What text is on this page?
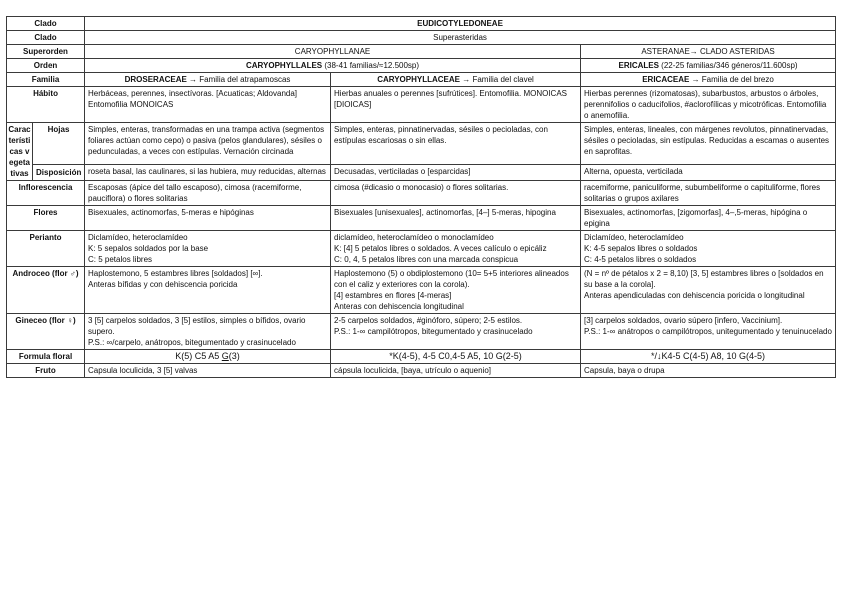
Clado		EUDICOTYLEDONEAE		
Clado		Superasteridas		
Superorden		CARYOPHYLLANAE		ASTERANAE→ CLADO ASTERIDAS
Orden		CARYOPHYLLALES (38-41 familias/≈12.500sp)		ERICALES (22-25 familias/346 géneros/11.600sp)
Familia		DROSERACEAE → Familia del atrapamoscas	CARYOPHYLLACEAE → Familia del clavel	ERICACEAE → Familia de del brezo
Hábito		Herbáceas, perennes, insectívoras. [Acuaticas; Aldovanda] Entomofilia MONOICAS	Hierbas anuales o perennes [sufrútices]. Entomofilia. MONOICAS [DIOICAS]	Hierbas perennes (rizomatosas), subarbustos, arbustos o árboles, perennifolios o caducifolios, #aclorofílicas y micotróficas. Entomofilia o anemofilia.
Características vegetativas	Hojas	Simples, enteras, transformadas en una trampa activa (segmentos foliares actúan como cepo) o pasiva (pelos glandulares), sésiles o pedunculadas, a veces con estípulas. Vernación circinada	Simples, enteras, pinnatinervadas, sésiles o pecioladas, con estípulas escariosas o sin ellas.	Simples, enteras, lineales, con márgenes revolutos, pinnatinervadas, sésiles o pecioladas, sin estípulas. Reducidas a escamas o ausentes en saprofitas.
	Disposición	roseta basal, las caulinares, si las hubiera, muy reducidas, alternas	Decusadas, verticiladas o [esparcidas]	Alterna, opuesta, verticilada
Inflorescencia		Escaposas (ápice del tallo escaposo), cimosa (racemiforme, pauciflora) o flores solitarias	cimosa (#dicasio o monocasio) o flores solitarias.	racemiforme, paniculiforme, subumbeliforme o capituliforme, flores solitarias o grupos axilares
Flores		Bisexuales, actinomorfas, 5-meras e hipóginas	Bisexuales [unisexuales], actinomorfas, [4–] 5-meras, hipogina	Bisexuales, actinomorfas, [zigomorfas], 4–,5-meras, hipógina o epigina
Perianto		Diclamídeo, heteroclamídeo
K: 5 sepalos soldados por la base
C: 5 petalos libres	diclamídeo, heteroclamídeo o monoclamídeo
K: [4] 5 petalos libres o soldados. A veces calículo o epicáliz
C: 0, 4, 5 petalos libres con una marcada conspicua	Diclamídeo, heteroclamídeo
K: 4-5 sepalos libres o soldados
C: 4-5 petalos libres o soldados

Androceo (flor ♂)		Haplostemono, 5 estambres libres [soldados] [∞].
Anteras bífidas y con dehiscencia poricida	Haplostemono (5) o obdiplostemono (10= 5+5 interiores alineados con el caliz y exteriores con la corola).
[4] estambres en flores [4-meras]
Anteras con dehiscencia longitudinal	(N = nº de pétalos x 2 = 8,10) [3, 5] estambres libres o [soldados en su base a la corola].
Anteras apendiculadas con dehiscencia poricida o longitudinal

Gineceo (flor ♀)		3 [5] carpelos soldados, 3 [5] estilos, simples o bífidos, ovario supero.
P.S.: ∞/carpelo, anátropos, bitegumentado y crasinucelado	2-5 carpelos soldados, #ginóforo, súpero; 2-5 estilos.
P.S.: 1-∞ campilótropos, bitegumentado y crasinucelado	[3] carpelos soldados, ovario súpero [infero, Vaccinium].
P.S.: 1-∞ anátropos o campilótropos, unitegumentado y tenuinucelado

Formula floral		K(5) C5 A5 G(3)	*K(4-5), 4-5 C0,4-5 A5, 10 G(2-5)	*/↓K4-5 C(4-5) A8, 10 G(4-5)
Fruto		Capsula loculicida, 3 [5] valvas	cápsula loculicida, [baya, utrículo o aquenio]	Capsula, baya o drupa
